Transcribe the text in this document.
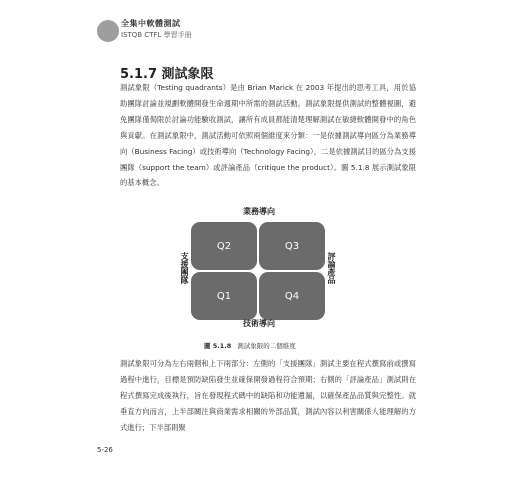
全集中軟體測試
ISTQB CTFL 學習手冊
5.1.7 測試象限

測試象限（Testing quadrants）是由 Brian Marick 在 2003 年提出的思考工具，用於協助團隊討論並規劃軟體開發生命週期中所需的測試活動。測試象限提供測試的整體視圖，避免團隊僅侷限於討論功能驗收測試，讓所有成員都能清楚理解測試在敏捷軟體開發中的角色與貢獻。在測試象限中，測試活動可依照兩個維度來分類：一是依據測試導向區分為業務導向（Business Facing）或技術導向（Technology Facing），二是依據測試目的區分為支援團隊（support the team）或評論產品（critique the product）。圖 5.1.8 展示測試象限的基本概念。

業務導向
支援團隊	評論產品
Q2	Q3
Q1	Q4
技術導向
圖 5.1.8 測試象限的二個維度

測試象限可分為左右兩側和上下兩部分：左側的「支援團隊」測試主要在程式撰寫前或撰寫過程中進行，目標是預防缺陷發生並確保開發過程符合預期；右側的「評論產品」測試則在程式撰寫完成後執行，旨在發現程式碼中的缺陷和功能遺漏，以確保產品品質與完整性。就垂直方向而言，上半部關注與商業需求相關的外部品質，測試內容以利害關係人能理解的方式進行；下半部則聚

5-26
